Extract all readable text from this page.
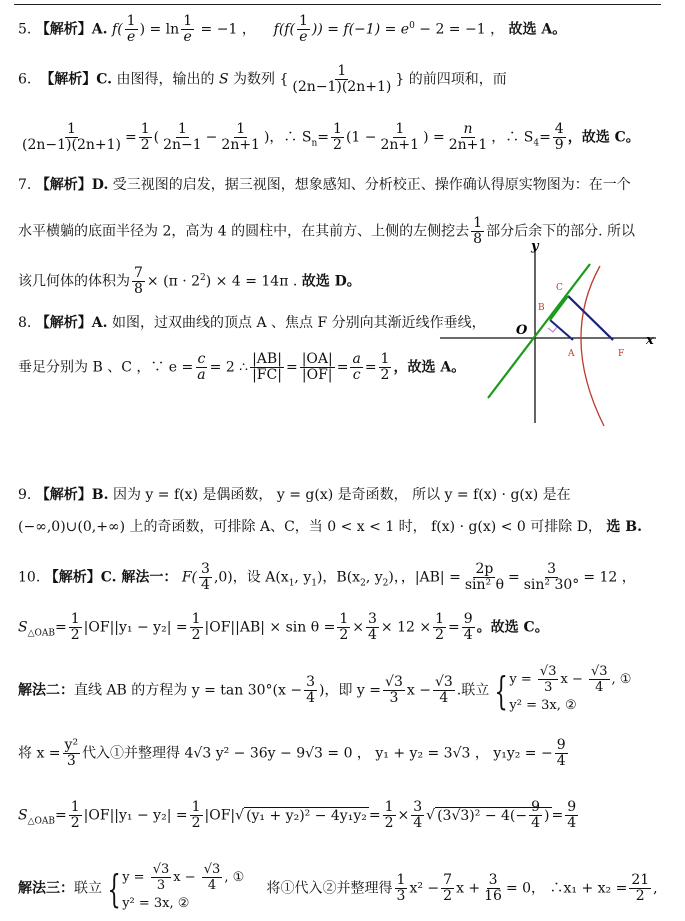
5. 【解析】A. $f( \frac{1}{e}$ ) = $\ln \frac{1}{e} = -1$ ， $f(f( \frac{1}{e}$ )) = $f(-1) = e^0 - 2 = -1$ ， 故选 A。
6. 【解析】C. 由图得，输出的 S 为数列 { $\frac{1}{(2n-1)(2n+1)}$ } 的前四项和，而
$\frac{1}{(2n-1)(2n+1)} = \frac{1}{2}$ ( $\frac{1}{2n-1} - \frac{1}{2n+1}$ )，∴ $S_n= \frac{1}{2} (1 - \frac{1}{2n+1}$ ) = $\frac{n}{2n+1}$ ，∴ $S_4= \frac{4}{9}$ ，故选 C。
7. 【解析】D. 受三视图的启发，据三视图，想象感知、分析校正、操作确认得原实物图为：在一个
水平横躺的底面半径为 2，高为 4 的圆柱中，在其前方、上侧的左侧挖去 $\frac{1}{8}$ 部分后余下的部分. 所以
该几何体的体积为 $\frac{7}{8} \times (\pi \cdot 2^2) \times 4 = 14\pi$ . 故选 D。
8. 【解析】A. 如图，过双曲线的顶点 A 、焦点 F 分别向其渐近线作垂线，
垂足分别为 B 、C ，∵ $e = \frac{c}{a} = 2$ ∴ $\frac{|AB|}{|FC|} = \frac{|OA|}{|OF|} = \frac{a}{c} = \frac{1}{2}$ ，故选 A。
y
x
O
C
B
A	F
9. 【解析】B. 因为 y = f(x) 是偶函数， y = g(x) 是奇函数， 所以 y = f(x) · g(x) 是在
(−∞,0)∪(0,+∞) 上的奇函数，可排除 A、C，当 0 < x < 1 时， f(x) · g(x) < 0 可排除 D， 选 B.
10. 【解析】C. 解法一： $F( \frac{3}{4} ,0)$，设 $A(x_1$, $y_1$)，$B(x_2$, $y_2$)，，$|AB| = \frac{2p}{\text{sin² θ}} = \frac{3}{\text{sin² 30°}} = 12$ ，
$S_{\triangle OAB}= \frac{1}{2} |OF||y_1 - y_2| = \frac{1}{2} |OF||AB| \times \sin \theta = \frac{1}{2} \times \frac{3}{4} \times 12 \times \frac{1}{2} = \frac{9}{4}$ 。故选 C。
解法二：直线 AB 的方程为 $y = \tan 30^\circ(x - \frac{3}{4}$ )，即 $y = \frac{√3}{3}$ $x - \frac{√3}{4}$ .联立 { $y = \frac{√3}{3}$ $x - \frac{√3}{4}$ , ①
y² = 3x, ②
将 $x = \frac{\text{y²}}{3}$ 代入①并整理得 4√3 y² − 36y − 9√3 = 0 ， y₁ + y₂ = 3√3 ， y₁y₂ = − $\frac{9}{4}$
$S_{\triangle OAB}= \frac{1}{2} |OF||y_1 - y_2| = \frac{1}{2} |OF|√$ $(y_1 + y_2)^2 - 4y_1y_2 = \frac{1}{2} \times \frac{3}{4}$ √ $(3√3)^2 - 4(- \frac{9}{4}$ ) = $\frac{9}{4}$
解法三：联立 { $y = \frac{√3}{3}$ $x - \frac{√3}{4}$ , ①
y² = 3x, ②
将①代入②并整理得 $\frac{1}{3} x^2 - \frac{7}{2}$ $x + \frac{3}{16} = 0$， ∴x₁ + $x_2 = \frac{21}{2}$ ,
